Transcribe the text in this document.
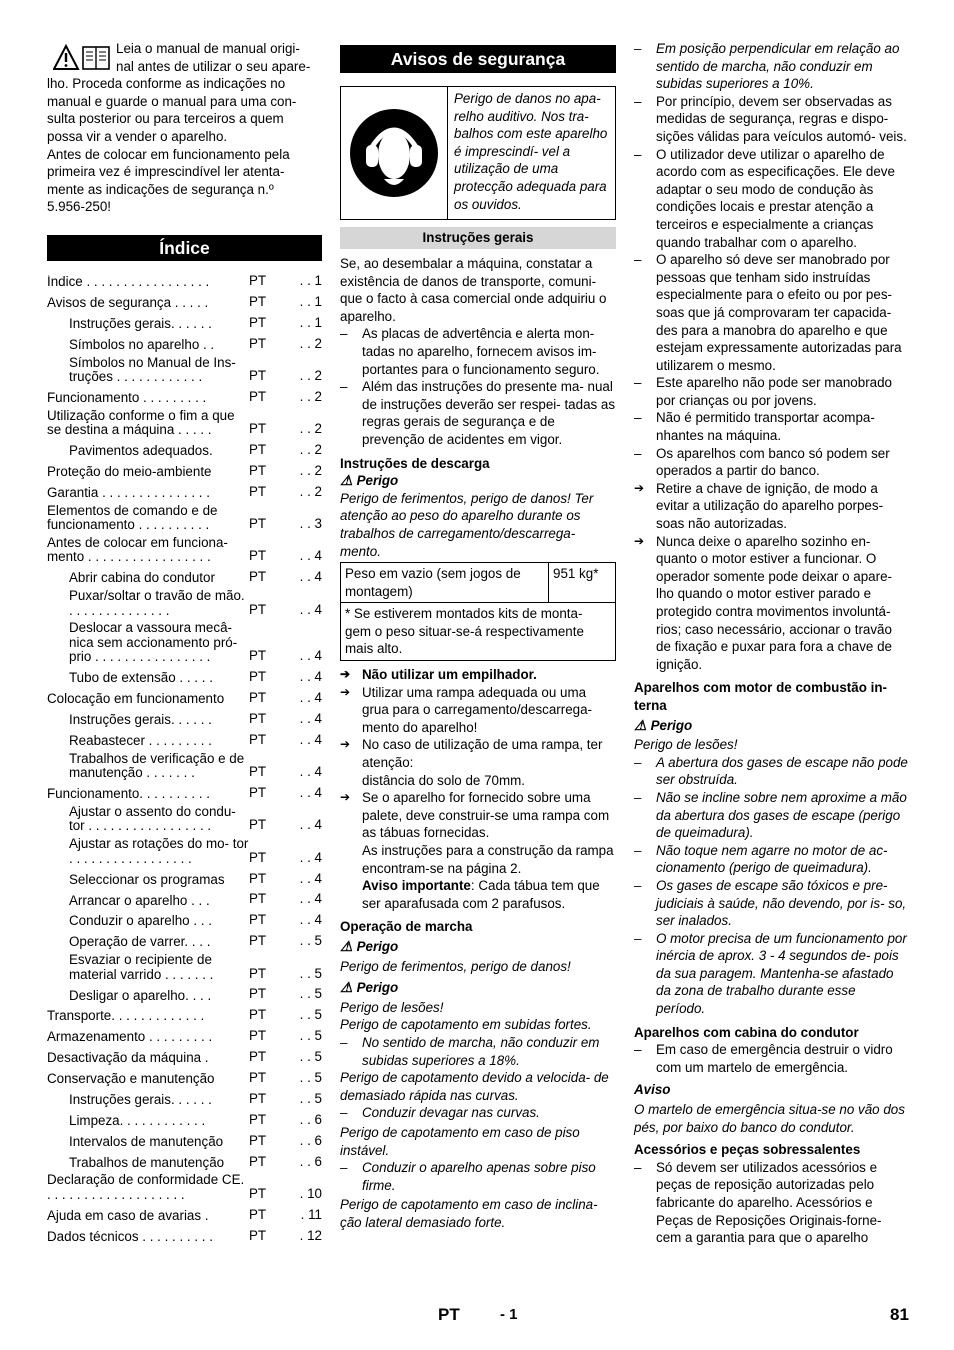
Leia o manual de manual origi-

nal antes de utilizar o seu apare-

lho. Proceda conforme as indicações no

manual e guarde o manual para uma con-

sulta posterior ou para terceiros a quem

possa vir a vender o aparelho.

Antes de colocar em funcionamento pela

primeira vez é imprescindível ler atenta-

mente as indicações de segurança n.º

5.956-250!

Índice
Índice . . . . . . . . . . . . . . . . .	PT	. . 1
Avisos de segurança . . . . .	PT	. . 1
Instruções gerais. . . . . .	PT	. . 1
Símbolos no aparelho . .	PT	. . 2
Símbolos no Manual de Ins- truções . . . . . . . . . . . .	PT	. . 2
Funcionamento . . . . . . . . .	PT	. . 2
Utilização conforme o fim a que se destina a máquina . . . . .	PT	. . 2
Pavimentos adequados.	PT	. . 2
Proteção do meio-ambiente	PT	. . 2
Garantia . . . . . . . . . . . . . . .	PT	. . 2
Elementos de comando e de funcionamento . . . . . . . . . .	PT	. . 3
Antes de colocar em funciona- mento . . . . . . . . . . . . . . . . .	PT	. . 4
Abrir cabina do condutor	PT	. . 4
Puxar/soltar o travão de mão. . . . . . . . . . . . . . .	PT	. . 4
Deslocar a vassoura mecâ- nica sem accionamento pró- prio . . . . . . . . . . . . . . . .	PT	. . 4
Tubo de extensão . . . . .	PT	. . 4
Colocação em funcionamento	PT	. . 4
Instruções gerais. . . . . .	PT	. . 4
Reabastecer . . . . . . . . .	PT	. . 4
Trabalhos de verificação e de manutenção . . . . . . .	PT	. . 4
Funcionamento. . . . . . . . . .	PT	. . 4
Ajustar o assento do condu- tor . . . . . . . . . . . . . . . . .	PT	. . 4
Ajustar as rotações do mo- tor . . . . . . . . . . . . . . . . .	PT	. . 4
Seleccionar os programas	PT	. . 4
Arrancar o aparelho . . .	PT	. . 4
Conduzir o aparelho . . .	PT	. . 4
Operação de varrer. . . .	PT	. . 5
Esvaziar o recipiente de material varrido . . . . . . .	PT	. . 5
Desligar o aparelho. . . .	PT	. . 5
Transporte. . . . . . . . . . . . .	PT	. . 5
Armazenamento . . . . . . . . .	PT	. . 5
Desactivação da máquina .	PT	. . 5
Conservação e manutenção	PT	. . 5
Instruções gerais. . . . . .	PT	. . 5
Limpeza. . . . . . . . . . . .	PT	. . 6
Intervalos de manutenção	PT	. . 6
Trabalhos de manutenção	PT	. . 6
Declaração de conformidade CE. . . . . . . . . . . . . . . . . . . .	PT	. 10
Ajuda em caso de avarias .	PT	. 11
Dados técnicos . . . . . . . . . .	PT	. 12
Avisos de segurança
Perigo de danos no apa- relho auditivo. Nos tra- balhos com este aparelho é imprescindí- vel a utilização de uma protecção adequada para os ouvidos.
Instruções gerais

Se, ao desembalar a máquina, constatar a existência de danos de transporte, comuni- que o facto à casa comercial onde adquiriu o aparelho.

–	As placas de advertência e alerta mon- tadas no aparelho, fornecem avisos im- portantes para o funcionamento seguro.
–	Além das instruções do presente ma- nual de instruções deverão ser respei- tadas as regras gerais de segurança e de prevenção de acidentes em vigor.

Instruções de descarga

⚠ Perigo

Perigo de ferimentos, perigo de danos! Ter atenção ao peso do aparelho durante os trabalhos de carregamento/descarrega- mento.

Peso em vazio (sem jogos de montagem)	951 kg*
* Se estiverem montados kits de monta- gem o peso situar-se-á respectivamente mais alto.
➔ Não utilizar um empilhador.
➔ Utilizar uma rampa adequada ou uma grua para o carregamento/descarrega- mento do aparelho!
➔ No caso de utilização de uma rampa, ter atenção:
distância do solo de 70mm.
➔ Se o aparelho for fornecido sobre uma palete, deve construir-se uma rampa com as tábuas fornecidas.
As instruções para a construção da rampa encontram-se na página 2.
Aviso importante: Cada tábua tem que ser aparafusada com 2 parafusos.

Operação de marcha

⚠ Perigo

Perigo de ferimentos, perigo de danos!

⚠ Perigo

Perigo de lesões!

Perigo de capotamento em subidas fortes.

–	No sentido de marcha, não conduzir em subidas superiores a 18%.

Perigo de capotamento devido a velocida- de demasiado rápida nas curvas.

–	Conduzir devagar nas curvas.

Perigo de capotamento em caso de piso instável.

–	Conduzir o aparelho apenas sobre piso firme.

Perigo de capotamento em caso de inclina- ção lateral demasiado forte.

–	Em posição perpendicular em relação ao sentido de marcha, não conduzir em subidas superiores a 10%.
–	Por princípio, devem ser observadas as medidas de segurança, regras e dispo- sições válidas para veículos automó- veis.
–	O utilizador deve utilizar o aparelho de acordo com as especificações. Ele deve adaptar o seu modo de condução às condições locais e prestar atenção a terceiros e especialmente a crianças quando trabalhar com o aparelho.
–	O aparelho só deve ser manobrado por pessoas que tenham sido instruídas especialmente para o efeito ou por pes- soas que já comprovaram ter capacida- des para a manobra do aparelho e que estejam expressamente autorizadas para utilizarem o mesmo.
–	Este aparelho não pode ser manobrado por crianças ou por jovens.
–	Não é permitido transportar acompa- nhantes na máquina.
–	Os aparelhos com banco só podem ser operados a partir do banco.
➔ Retire a chave de ignição, de modo a evitar a utilização do aparelho porpes- soas não autorizadas.
➔ Nunca deixe o aparelho sozinho en- quanto o motor estiver a funcionar. O operador somente pode deixar o apare- lho quando o motor estiver parado e protegido contra movimentos involuntá- rios; caso necessário, accionar o travão de fixação e puxar para fora a chave de ignição.

Aparelhos com motor de combustão in- terna

⚠ Perigo

Perigo de lesões!

–	A abertura dos gases de escape não pode ser obstruída.
–	Não se incline sobre nem aproxime a mão da abertura dos gases de escape (perigo de queimadura).
–	Não toque nem agarre no motor de ac- cionamento (perigo de queimadura).
–	Os gases de escape são tóxicos e pre- judiciais à saúde, não devendo, por is- so, ser inalados.
–	O motor precisa de um funcionamento por inércia de aprox. 3 - 4 segundos de- pois da sua paragem. Mantenha-se afastado da zona de trabalho durante esse período.

Aparelhos com cabina do condutor

–	Em caso de emergência destruir o vidro com um martelo de emergência.

Aviso

O martelo de emergência situa-se no vão dos pés, por baixo do banco do condutor.

Acessórios e peças sobressalentes

–	Só devem ser utilizados acessórios e peças de reposição autorizadas pelo fabricante do aparelho. Acessórios e Peças de Reposições Originais-forne- cem a garantia para que o aparelho
PT	- 1	81
